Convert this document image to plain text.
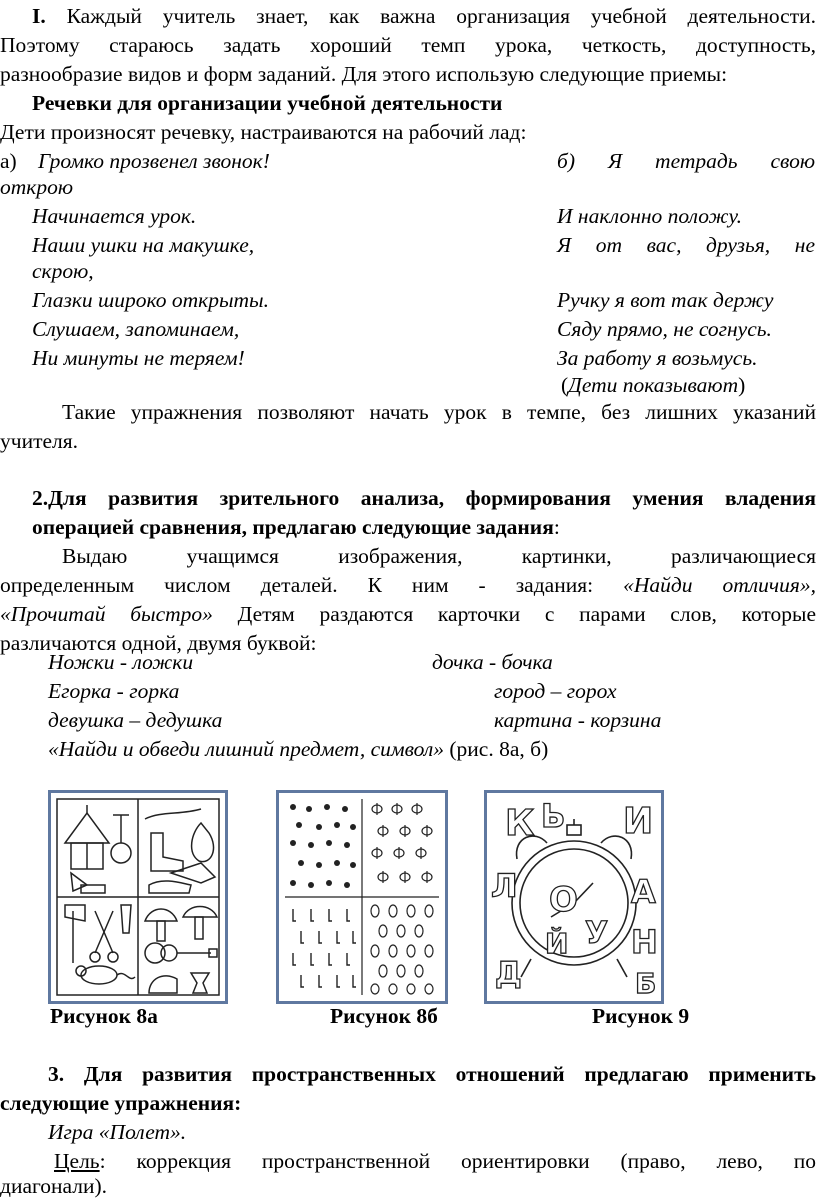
I. Каждый учитель знает, как важна организация учебной деятельности.
Поэтому стараюсь задать хороший темп урока, четкость, доступность,
разнообразие видов и форм заданий. Для этого использую следующие приемы:
Речевки для организации учебной деятельности
Дети произносят речевку, настраиваются на рабочий лад:
а) Громко прозвенел звонок!	б) Я тетрадь свою
открою
Начинается урок.	И наклонно положу.
Наши ушки на макушке,	Я от вас, друзья, не
скрою,
Глазки широко открыты.	Ручку я вот так держу
Слушаем, запоминаем,	Сяду прямо, не согнусь.
Ни минуты не теряем!	За работу я возьмусь.
(Дети показывают)
Такие упражнения позволяют начать урок в темпе, без лишних указаний
учителя.
2.Для развития зрительного анализа, формирования умения владения
операцией сравнения, предлагаю следующие задания:
Выдаю учащимся изображения, картинки, различающиеся
определенным числом деталей. К ним - задания: «Найди отличия»,
«Прочитай быстро» Детям раздаются карточки с парами слов, которые
различаются одной, двумя буквой:
Ножки - ложки	дочка - бочка
Егорка - горка	город – горох
девушка – дедушка	картина - корзина
«Найди и обведи лишний предмет, символ» (рис. 8а, б)
К Ь И
Л	А
Н
Д	Б
О
Й У
Рисунок 8а	Рисунок 8б	Рисунок 9
3. Для развития пространственных отношений предлагаю применить
следующие упражнения:
Игра «Полет».
Цель: коррекция пространственной ориентировки (право, лево, по
диагонали).
